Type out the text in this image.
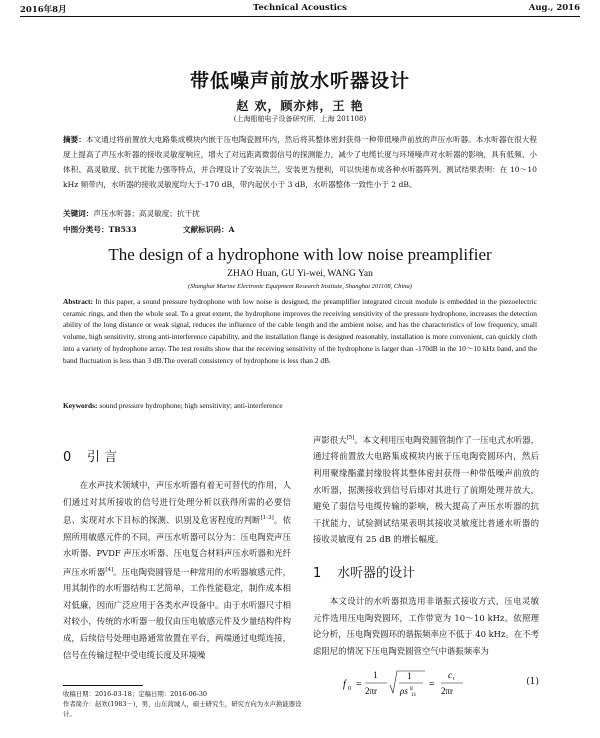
2016年8月	Technical Acoustics	Aug., 2016
带低噪声前放水听器设计
赵 欢，顾亦炜，王 艳
(上海船舶电子设备研究所，上海 201108)
摘要：本文通过将前置放大电路集成模块内嵌于压电陶瓷圆环内，然后将其整体密封获得一种带低噪声前放的声压水听器。本水听器在很大程度上提高了声压水听器的接收灵敏度响应，增大了对远距离微弱信号的探测能力，减少了电缆长度与环境噪声对水听器的影响，具有低频、小体积、高灵敏度、抗干扰能力强等特点，并合理设计了安装法兰，安装更为便利，可以快速布成各种水听器阵列。测试结果表明：在 10～10 kHz 频带内，水听器的接收灵敏度均大于-170 dB，带内起伏小于 3 dB，水听器整体一致性小于 2 dB。
关键词：声压水听器；高灵敏度；抗干扰
中图分类号：TB533	文献标识码：A
The design of a hydrophone with low noise preamplifier
ZHAO Huan, GU Yi-wei, WANG Yan
(Shanghai Marine Electronic Equipment Research Institute, Shanghai 201108, China)
Abstract: In this paper, a sound pressure hydrophone with low noise is designed, the preamplifier integrated circuit module is embedded in the piezoelectric ceramic rings, and then the whole seal. To a great extent, the hydrophone improves the receiving sensitivity of the pressure hydrophone, increases the detection ability of the long distance or weak signal, reduces the influence of the cable length and the ambient noise, and has the characteristics of low frequency, small volume, high sensitivity, strong anti-interference capability, and the installation flange is designed reasonably, installation is more convenient, can quickly cloth into a variety of hydrophone array. The test results show that the receiving sensitivity of the hydrophone is larger than -170dB in the 10～10 kHz band, and the band fluctuation is less than 3 dB.The overall consistency of hydrophone is less than 2 dB.
Keywords: sound pressure hydrophone; high sensitivity; anti-interference
0 引 言

在水声技术领域中，声压水听器有着无可替代的作用，人们通过对其所接收的信号进行处理分析以获得所需的必要信息、实现对水下目标的探测、识别及危害程度的判断[1-3]。依照所用敏感元件的不同，声压水听器可以分为：压电陶瓷声压水听器、PVDF 声压水听器、压电复合材料声压水听器和光纤声压水听器[4]。压电陶瓷圆管是一种常用的水听器敏感元件，用其制作的水听器结构工艺简单，工作性能稳定，制作成本相对低廉，因而广泛应用于各类水声设备中。由于水听器尺寸相对较小，传统的水听器一般仅由压电敏感元件及少量结构件构成，后续信号处理电路通常放置在平台，两端通过电缆连接，信号在传输过程中受电缆长度及环境噪

声影很大[5]。本文利用压电陶瓷圆管制作了一压电式水听器，通过将前置放大电路集成模块内嵌于压电陶瓷圆环内，然后利用聚缘酯灌封缘胶将其整体密封获得一种带低噪声前放的水听器，据测接收到信号后即对其进行了前期处理并放大，避免了弱信号电缆传输的影响，极大提高了声压水听器的抗干扰能力，试验测试结果表明其接收灵敏度比普通水听器的接收灵敏度有 25 dB 的增长幅度。

1 水听器的设计

本文设计的水听器拟选用非谐振式接收方式，压电灵敏元件选用压电陶瓷圆环，工作带宽为 10～10 kHz。依照理论分析，压电陶瓷圆环的谐振频率应不低于 40 kHz。在不考虑阻尼的情况下压电陶瓷圆管空气中谐振频率为

f 0 =
1
2πr
1
ρs 11
E =
c t
2πr
(1)
收稿日期：2016-03-18；定稿日期：2016-06-30
作者简介：赵欢(1983－)，男，山东菏城人，硕士研究生，研究方向为水声换能器设计。
